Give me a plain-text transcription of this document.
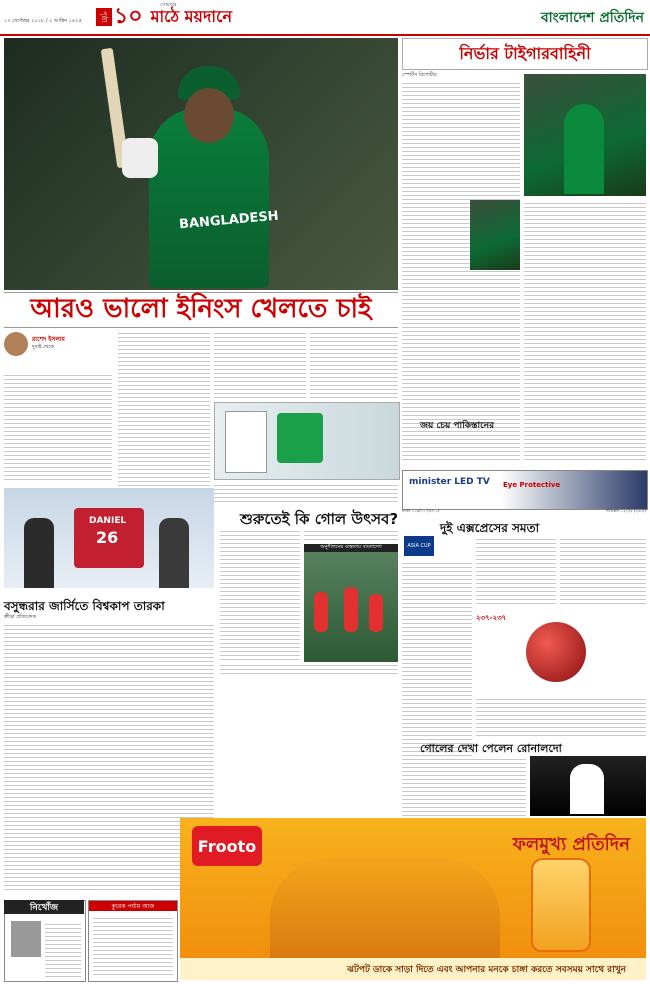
সোমবার
১৭ সেপ্টেম্বর ২০১৮ / ২ আশ্বিন ১৪২৫	পৃষ্ঠা ১০ মাঠে ময়দানে	বাংলাদেশ প্রতিদিন
BANGLADESH
আরও ভালো ইনিংস খেলতে চাই
রাশেদ ইসলাম
দুবাই থেকে
DANIEL
26
বসুন্ধরার জার্সিতে বিশ্বকাপ তারকা
ক্রীড়া প্রতিবেদক
শুরুতেই কি গোল উৎসব?
অনুশীলনের ব্যস্ততায় বাংলাদেশ
নির্ভার টাইগারবাহিনী
স্পোর্টস রিপোর্টার
জয় চেয় পাকিস্তানের
minister LED TV Eye Protective
হংকং ১১৬/১০ (৩৭.১)	পাকিস্তান ১২০/২ (২৩.৪)
দুই এক্সপ্রেসের সমতা
ASIA CUP
২৩৭-২৩৭
গোলের দেখা পেলেন রোনালদো
Frooto	ফলমুখ্য প্রতিদিন
ঝটপট ডাকে সাড়া দিতে এবং আপনার মনকে চাঙ্গা করতে সবসময় সাথে রাখুন
নিখোঁজ	কুরেক পর্যায় আজ
